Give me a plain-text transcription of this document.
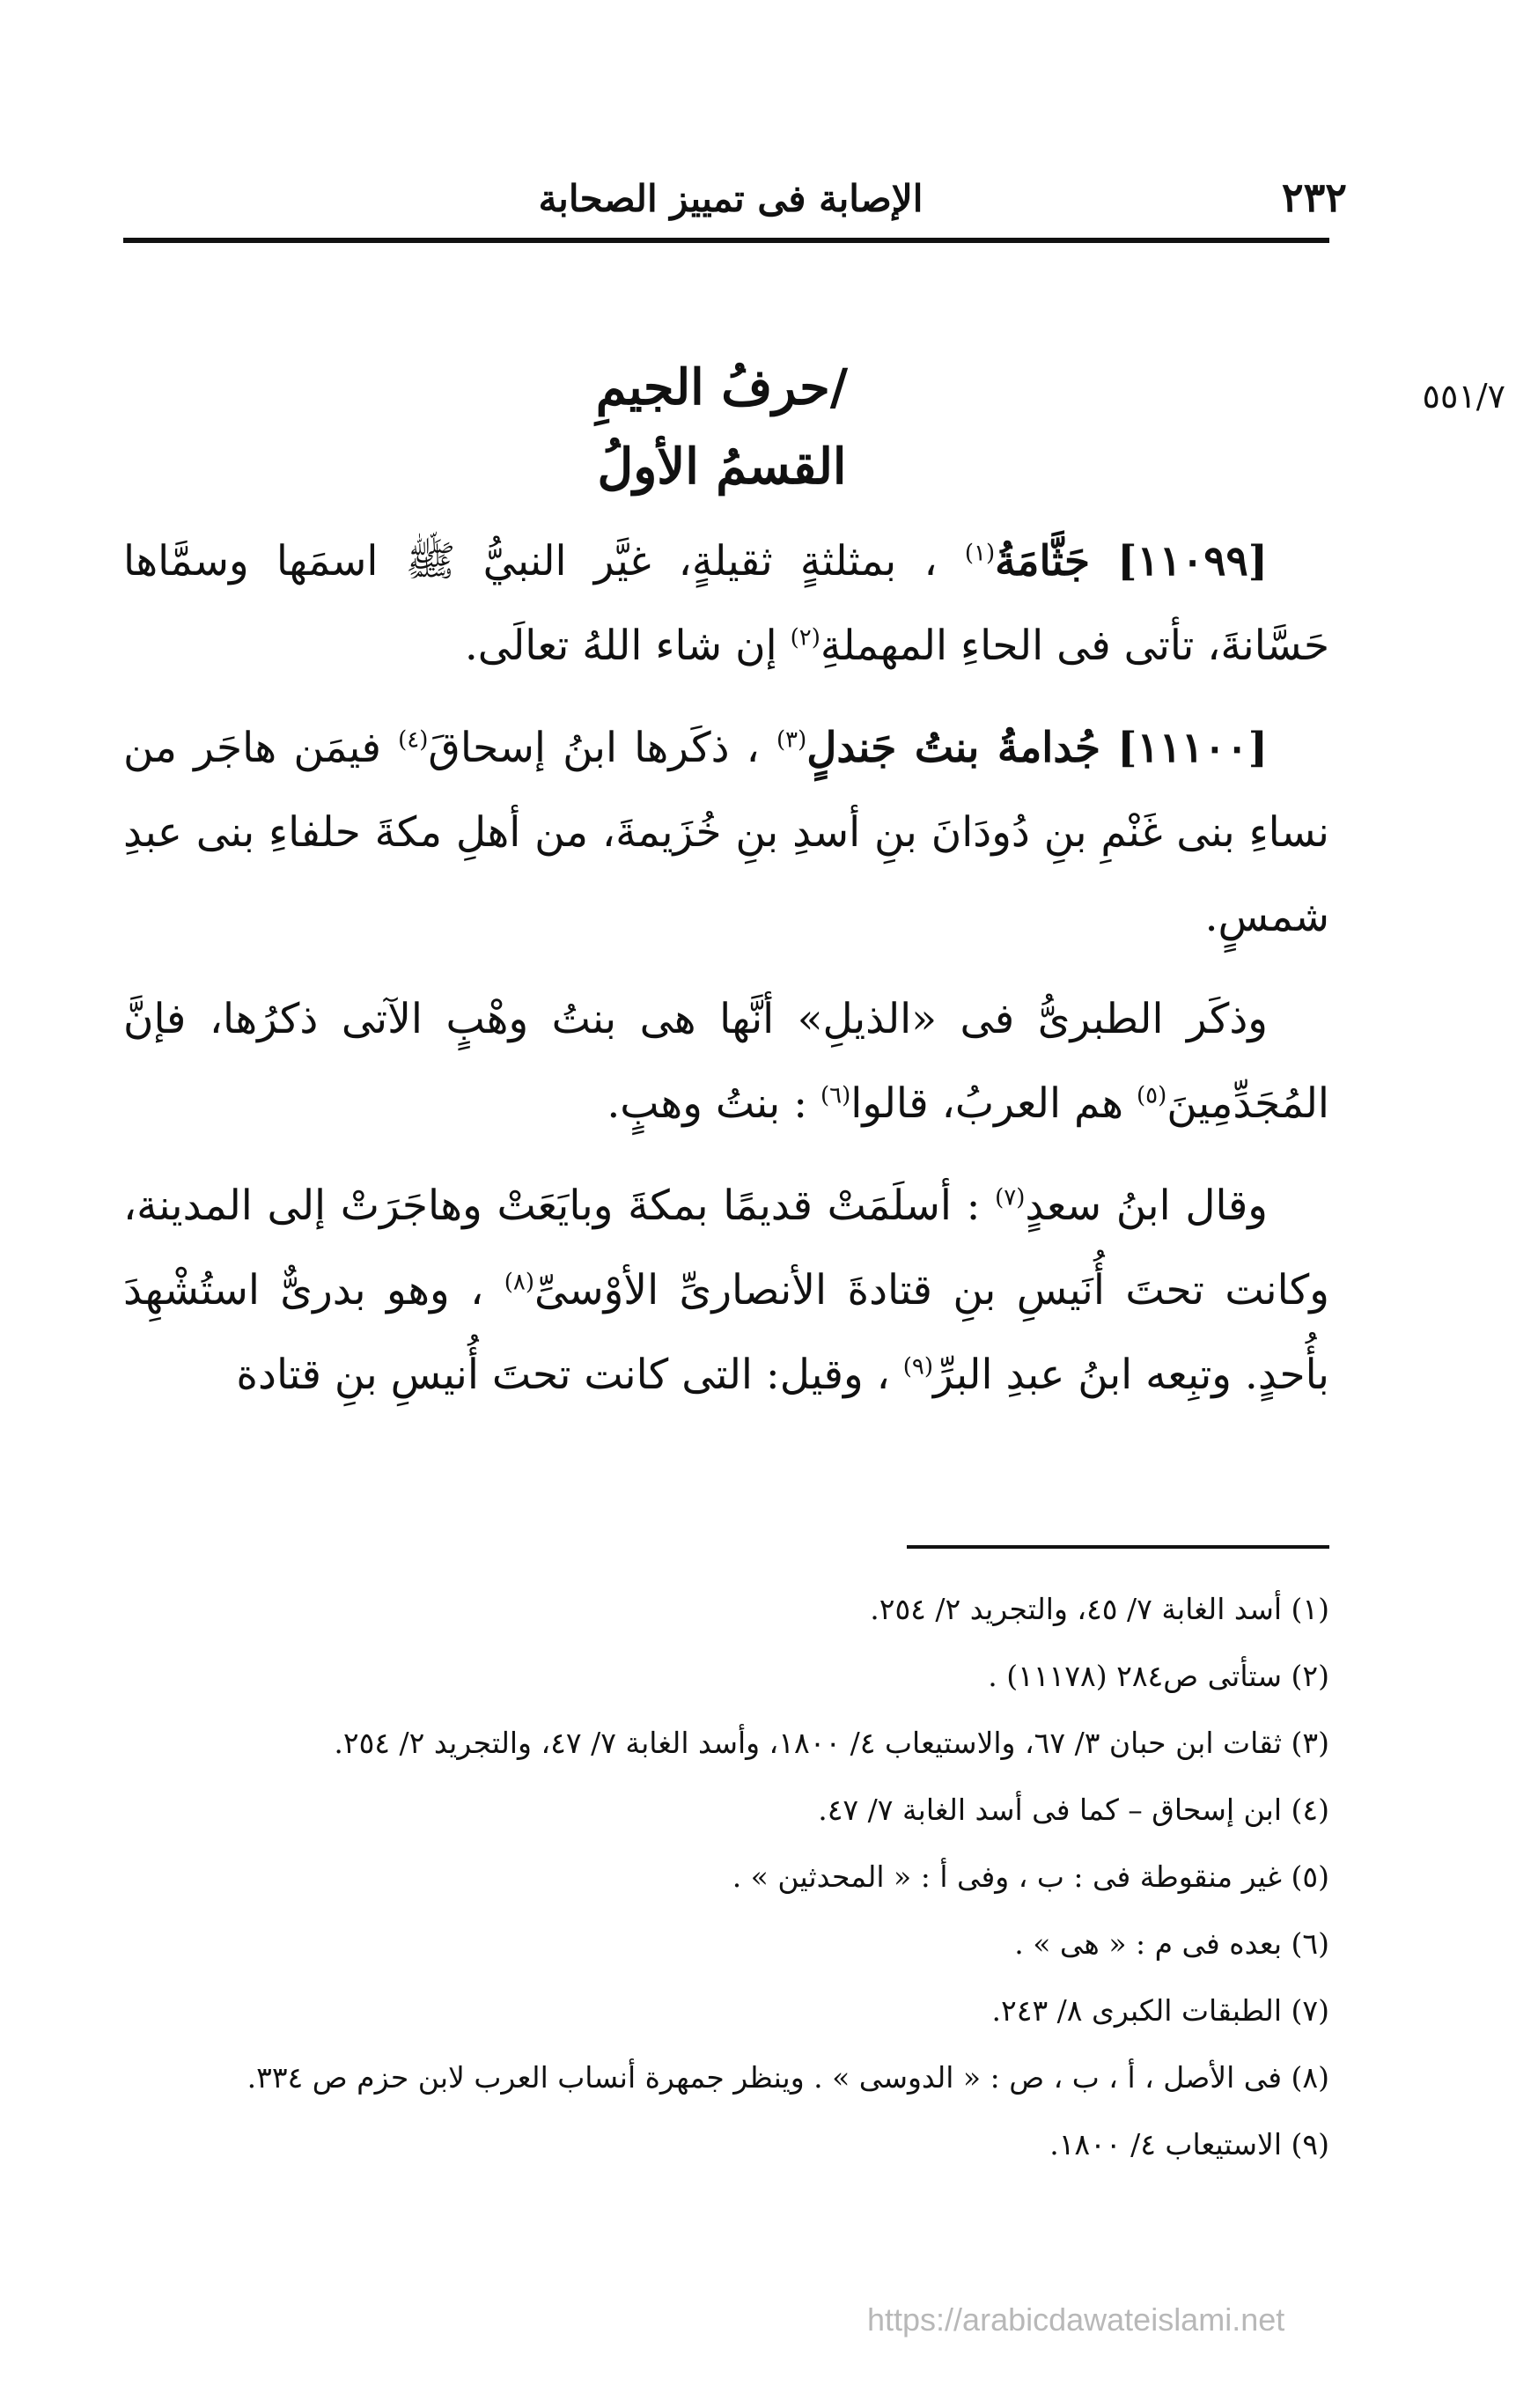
٢٣٢
الإصابة فى تمييز الصحابة
٥٥١/٧
/حرفُ الجيمِ
القسمُ الأولُ

[١١٠٩٩] جَثَّامَةُ$^{(١)}$ ، بمثلثةٍ ثقيلةٍ، غيَّر النبيُّ ﷺ اسمَها وسمَّاها حَسَّانةَ، تأتى فى الحاءِ المهملةِ$^{(٢)}$ إن شاء اللهُ تعالَى.

[١١١٠٠] جُدامةُ بنتُ جَندلٍ$^{(٣)}$ ، ذكَرها ابنُ إسحاقَ$^{(٤)}$ فيمَن هاجَر من نساءِ بنى غَنْمِ بنِ دُودَانَ بنِ أسدِ بنِ خُزَيمةَ، من أهلِ مكةَ حلفاءِ بنى عبدِ شمسٍ.

وذكَر الطبرىُّ فى «الذيلِ» أنَّها هى بنتُ وهْبٍ الآتى ذكرُها، فإنَّ المُجَدِّمِينَ$^{(٥)}$ هم العربُ، قالوا$^{(٦)}$ : بنتُ وهبٍ.

وقال ابنُ سعدٍ$^{(٧)}$ : أسلَمَتْ قديمًا بمكةَ وبايَعَتْ وهاجَرَتْ إلى المدينة، وكانت تحتَ أُنَيسِ بنِ قتادةَ الأنصارىِّ الأوْسىِّ$^{(٨)}$ ، وهو بدرىٌّ استُشْهِدَ بأُحدٍ. وتبِعه ابنُ عبدِ البرِّ$^{(٩)}$ ، وقيل: التى كانت تحتَ أُنيسِ بنِ قتادة

(١) أسد الغابة ٧/ ٤٥، والتجريد ٢/ ٢٥٤.
(٢) ستأتى ص٢٨٤ (١١١٧٨) .
(٣) ثقات ابن حبان ٣/ ٦٧، والاستيعاب ٤/ ١٨٠٠، وأسد الغابة ٧/ ٤٧، والتجريد ٢/ ٢٥٤.
(٤) ابن إسحاق – كما فى أسد الغابة ٧/ ٤٧.
(٥) غير منقوطة فى : ب ، وفى أ : « المحدثين » .
(٦) بعده فى م : « هى » .
(٧) الطبقات الكبرى ٨/ ٢٤٣.
(٨) فى الأصل ، أ ، ب ، ص : « الدوسى » . وينظر جمهرة أنساب العرب لابن حزم ص ٣٣٤.
(٩) الاستيعاب ٤/ ١٨٠٠.
https://arabicdawateislami.net
